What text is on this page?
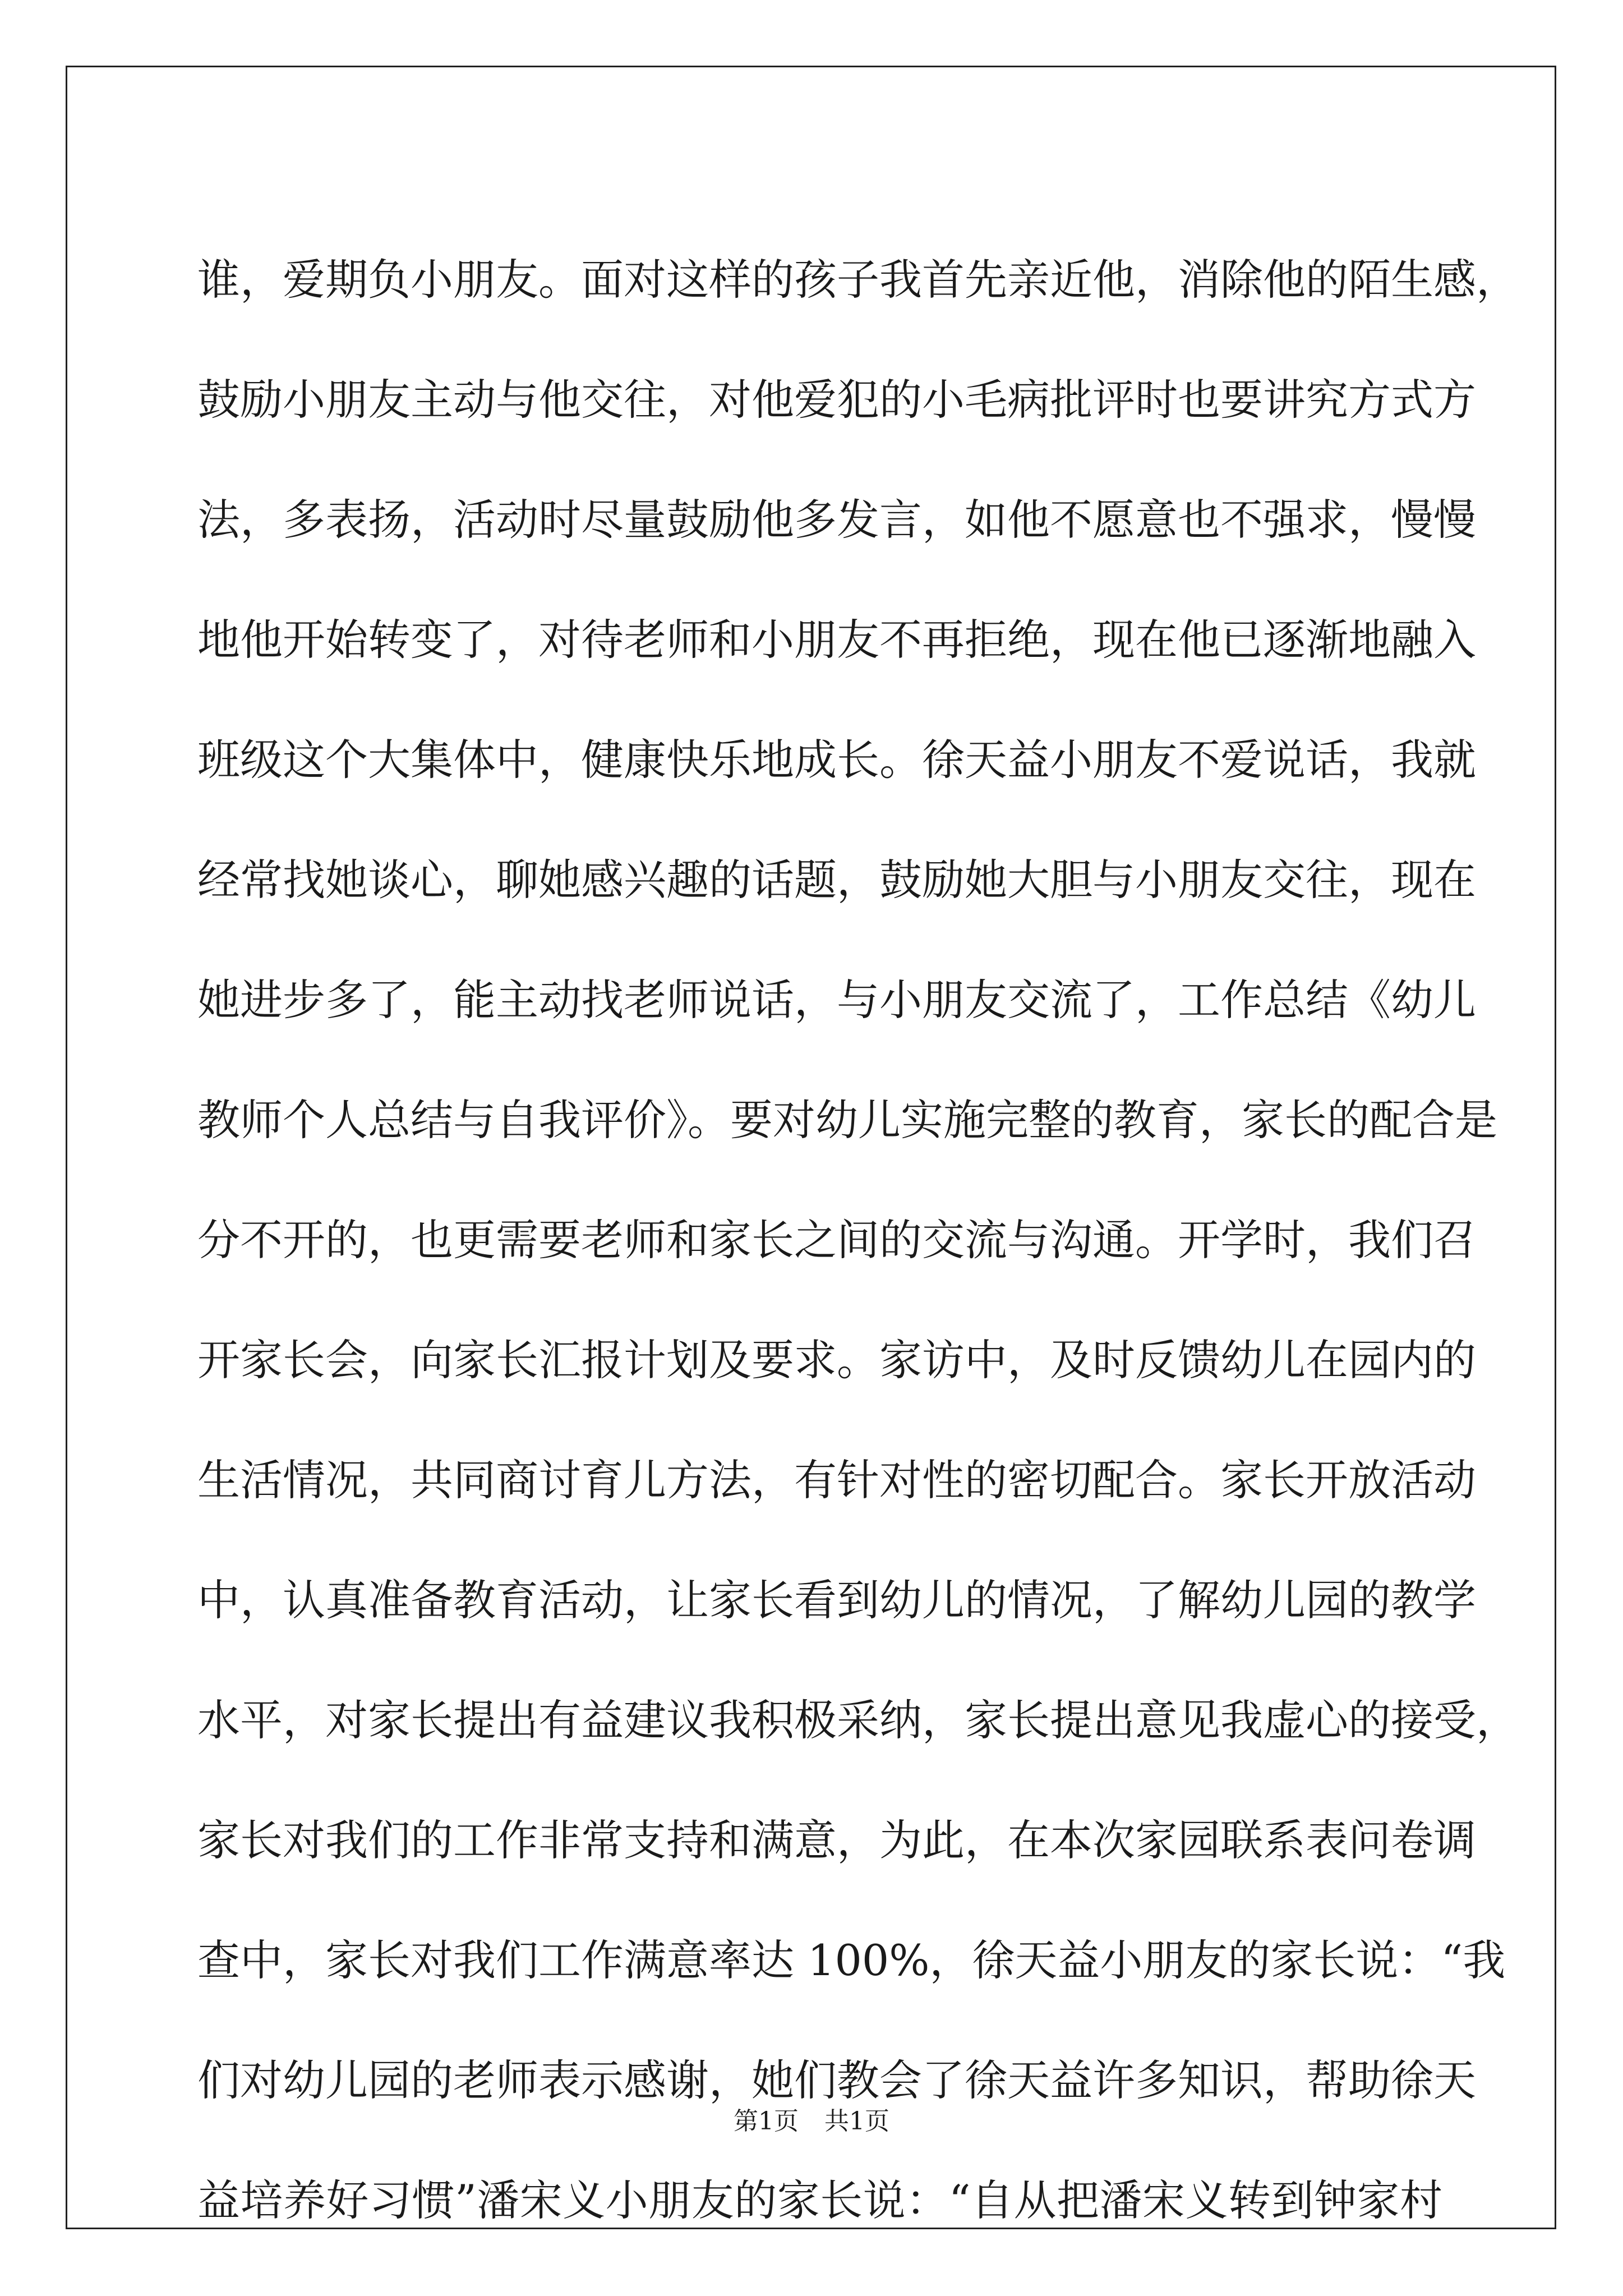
谁，爱期负小朋友。面对这样的孩子我首先亲近他，消除他的陌生感，
鼓励小朋友主动与他交往，对他爱犯的小毛病批评时也要讲究方式方
法，多表扬，活动时尽量鼓励他多发言，如他不愿意也不强求，慢慢
地他开始转变了，对待老师和小朋友不再拒绝，现在他已逐渐地融入
班级这个大集体中，健康快乐地成长。徐天益小朋友不爱说话，我就
经常找她谈心，聊她感兴趣的话题，鼓励她大胆与小朋友交往，现在
她进步多了，能主动找老师说话，与小朋友交流了，工作总结《幼儿
教师个人总结与自我评价》。要对幼儿实施完整的教育，家长的配合是
分不开的，也更需要老师和家长之间的交流与沟通。开学时，我们召
开家长会，向家长汇报计划及要求。家访中，及时反馈幼儿在园内的
生活情况，共同商讨育儿方法，有针对性的密切配合。家长开放活动
中，认真准备教育活动，让家长看到幼儿的情况，了解幼儿园的教学
水平，对家长提出有益建议我积极采纳，家长提出意见我虚心的接受，
家长对我们的工作非常支持和满意，为此，在本次家园联系表问卷调
查中，家长对我们工作满意率达 100%，徐天益小朋友的家长说：“我
们对幼儿园的老师表示感谢，她们教会了徐天益许多知识，帮助徐天
益培养好习惯”潘宋义小朋友的家长说：“自从把潘宋义转到钟家村
第1页 共1页
